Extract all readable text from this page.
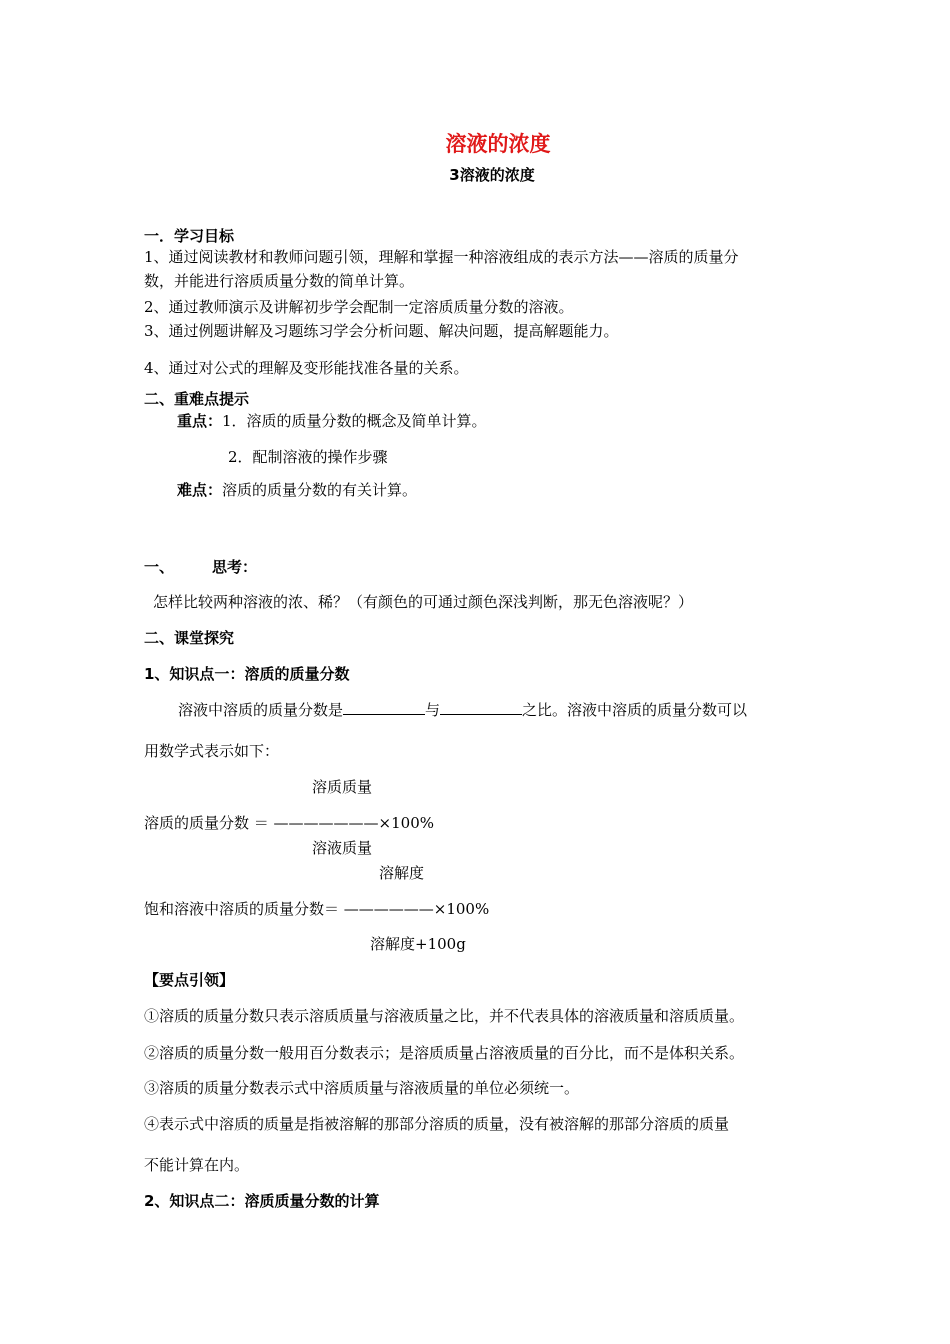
溶液的浓度
3溶液的浓度
一．学习目标
1、通过阅读教材和教师问题引领，理解和掌握一种溶液组成的表示方法——溶质的质量分
数，并能进行溶质质量分数的简单计算。
2、通过教师演示及讲解初步学会配制一定溶质质量分数的溶液。
3、通过例题讲解及习题练习学会分析问题、解决问题，提高解题能力。
4、通过对公式的理解及变形能找准各量的关系。
二、重难点提示
重点：1．溶质的质量分数的概念及简单计算。
2．配制溶液的操作步骤
难点：溶质的质量分数的有关计算。
一、	思考：
怎样比较两种溶液的浓、稀？（有颜色的可通过颜色深浅判断，那无色溶液呢？）
二、课堂探究
1、知识点一：溶质的质量分数
溶液中溶质的质量分数是	与	之比。溶液中溶质的质量分数可以
用数学式表示如下：
溶质质量
溶质的质量分数 ＝ ———————×100%
溶液质量
溶解度
饱和溶液中溶质的质量分数＝ ——————×100%
溶解度+100g
【要点引领】
①溶质的质量分数只表示溶质质量与溶液质量之比，并不代表具体的溶液质量和溶质质量。
②溶质的质量分数一般用百分数表示；是溶质质量占溶液质量的百分比，而不是体积关系。
③溶质的质量分数表示式中溶质质量与溶液质量的单位必须统一。
④表示式中溶质的质量是指被溶解的那部分溶质的质量，没有被溶解的那部分溶质的质量
不能计算在内。
2、知识点二：溶质质量分数的计算
